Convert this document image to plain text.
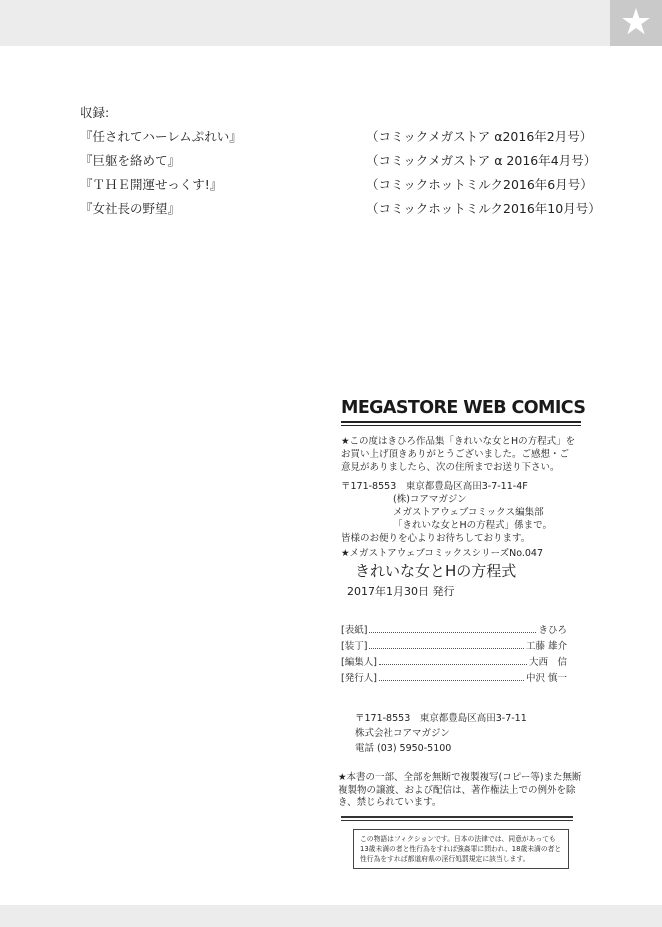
★
収録:
『任されてハーレムぷれい』	（コミックメガストア α2016年2月号）
『巨躯を絡めて』	（コミックメガストア α 2016年4月号）
『ＴＨＥ開運せっくす!』	（コミックホットミルク2016年6月号）
『女社長の野望』	（コミックホットミルク2016年10月号）
MEGASTORE WEB COMICS
★この度はきひろ作品集「きれいな女とHの方程式」をお買い上げ頂きありがとうございました。ご感想・ご意見がありましたら、次の住所までお送り下さい。
〒171-8553　東京都豊島区高田3-7-11-4F
(株)コアマガジン
メガストアウェブコミックス編集部
「きれいな女とHの方程式」係まで。
皆様のお便りを心よりお待ちしております。
★メガストアウェブコミックスシリーズNo.047
きれいな女とHの方程式
2017年1月30日 発行
[表紙]	きひろ
[装丁]	工藤 雄介
[編集人]	大西　信
[発行人]	中沢 慎一
〒171-8553　東京都豊島区高田3-7-11
株式会社コアマガジン
電話 (03) 5950-5100
★本書の一部、全部を無断で複製複写(コピー等)また無断複製物の譲渡、および配信は、著作権法上での例外を除き、禁じられています。
この物語はフィクションです。日本の法律では、同意があっても13歳未満の者と性行為をすれば強姦罪に問われ、18歳未満の者と性行為をすれば都道府県の淫行処罰規定に該当します。
